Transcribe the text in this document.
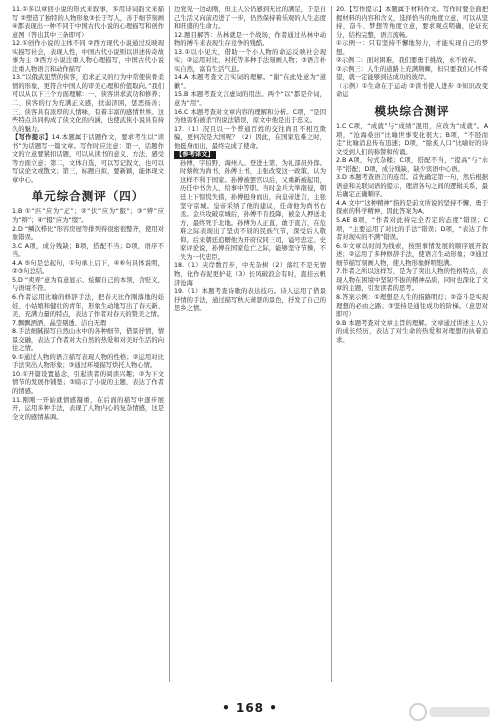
11.①多以章回小说的形式来叙事，多用诗词韵文来描写 ②塑造了独特的人物形象③长于写人，善于细节刻画 ④都表现出一种不同于中国古代小说的心理描写和创作意图（答出其中三条即可）

12.①创作小说的主体不同 ②西方现代小说通过反映现实描写社会，表现人性，中国古代小说则以讲述传奇故事为主 ③西方小说注重人物心理描写，中国古代小说注重人物语言和动作描写

13.“以俄武犯禁的侠客，追求正义的行为中常使侠骨柔情的形象，更符合中国人的审美心理和价值取向。”我们可以从以下三个方面理解：一、侠客讲求武功和修养；二、侠客的行为充满正义感，扶弱济困，惩恶扬善；三、侠客具有浓厚的人情味，有着丰富的感情世界。这些特点共同构成了侠文化的内涵，也使武侠小说具有持久的魅力。

【写作提示】14.本题属于话题作文，要求考生以“读书”为话题写一篇文章。写作时应注意：第一，话题作文的立意要紧扣话题，可以从读书的意义、方法、感受等方面立意；第二，文体自选，可以写记叙文，也可以写议论文或散文；第三，标题自拟，要新颖，能体现文章中心。

单元综合测评（四）

1.B ①“匹”应为“疋”；②“伏”应为“服”；③“辨”应为“辩”；④“辍”应为“缀”。

2.D “鳞次栉比”形容房屋等排列得很密很整齐，使用对象错误。

3.C A项，成分残缺；B项，搭配不当；D项，语序不当。

4.A ⑤句是总起句，①句承上启下，④⑥句具体说明，②③句总结。

5.D “卖弄”意为有意显示、炫耀自己的本领，含贬义，与语境不符。

6.作者运用比喻的修辞手法，把春天比作刚落地的娃娃、小姑娘和健壮的青年，形象生动地写出了春天新、美、充满力量的特点，表达了作者对春天的赞美之情。

7.飘飘洒洒、晶莹剔透、洁白无瑕

8.手法细腻描写自然山水中的各种细节，借景抒情，情景交融，表达了作者对大自然的热爱和对美好生活的向往之情。

9.①通过人物的语言描写表现人物的性格；②运用对比手法突出人物形象；③通过环境描写烘托人物心情。

10.①开篇设置悬念，引起读者的阅读兴趣；②为下文情节的发展作铺垫；③暗示了小说的主题，表达了作者的情感。

11.刚刚一开始就情感凝重，在后面的描写中逐步展开，运用多种手法，表现了人物内心的复杂情感，这是全文的感情基调。

边党见一边动刚，但主人公仍感到无比的满足，于是自己生活又向前迈进了一步，仍然保持着乐观的人生态度和旺盛的生命力。

12.题目解答：丛林就是一个战场，作者通过丛林中动物的搏斗来表现生存竞争的残酷。

13.①以小见大，借助一个小人物的命运反映社会现实；②运用对比、衬托等多种手法刻画人物；③语言朴实自然，富有生活气息。

14.A 本题考查文言实词的理解。“谢”在此处意为“道歉”。

15.B 本题考查文言虚词的用法。两个“以”都是介词，意为“用”。

16.C 本题考查对文章内容的理解和分析。C项，“是因为他害怕被杀”的说法错误，原文中他是出于忠义。

17.（1）况且以一个普通百姓的交往尚且不相互欺骗，更何况是大国呢？（2）因此，在国家危难之时，他挺身而出，最终完成了使命。

【参考译文】

孙傅，字伯野，海州人。登进士第，为礼部员外郎。时蔡攸为尚书，孙傅上书，主张改变这一政策，认为这样不利于国家。孙傅被罢官以后，又重新被起用，历任中书舍人、给事中等职。当时金兵大举南侵，朝廷上下惊慌失措，孙傅挺身而出，向皇帝进言，主张坚守京城。皇帝采纳了他的建议，任命他为尚书右丞。金兵攻破京城后，孙傅不肯投降，被金人押送北方，最终死于北地。孙傅为人正直，敢于直言，在危难之际表现出了坚贞不屈的民族气节，深受后人敬仰。后来朝廷追赠他为开府仪同三司，谥号忠定。史家评论说，孙傅在国家危亡之际，能够坚守节操，不失为一代忠臣。

18.（1）夹岸数百步，中无杂树（2）落红不是无情物，化作春泥更护花（3）长风破浪会有时，直挂云帆济沧海

19.（1）本题考查诗歌的表达技巧。诗人运用了借景抒情的手法，通过描写秋天萧瑟的景色，抒发了自己的思乡之情。

20.【写作提示】本题属于材料作文。写作时要全面把握材料的内容和含义，选择恰当的角度立意，可以从坚持、奋斗、梦想等角度立意，要求观点明确，论证充分，结构完整，语言流畅。

①示例一：只有坚持不懈地努力，才能实现自己的梦想。

②示例二：面对困难，我们要勇于挑战，永不放弃。

③示例三：人生的道路上充满荆棘，但只要我们心怀希望，就一定能够到达成功的彼岸。

（示例）①生命在于运动 ②读书使人进步 ③知识改变命运

模块综合测评

1.C C项，“成就”与“成绩”混用，应改为“成就”。A项，“沧海桑田”比喻世事变化很大；B项，“不胫而走”比喻消息传布迅速；D项，“脍炙人口”比喻好的诗文受到人们的称赞和传诵。

2.B A项，句式杂糅；C项，搭配不当，“提高”与“水平”搭配；D项，成分残缺，缺少宾语中心语。

3.D 本题考查语言的连贯。首先确定第一句，然后根据语意和关联词语的提示，理清各句之间的逻辑关系，最后确定正确顺序。

4.A 文中“这种精神”指的是前文所说的坚持不懈、勇于探索的科学精神，因此答案为A。

5.AE B项，“作者对此持完全否定的态度”错误；C项，“主要运用了对比的手法”错误；D项，“表达了作者对现实的不满”错误。

6.①文章以时间为线索，按照事情发展的顺序展开叙述；②运用了多种修辞手法，使语言生动形象；③通过细节描写刻画人物，使人物形象鲜明饱满。

7.作者之所以这样写，是为了突出人物的性格特点，表现人物在困境中坚韧不拔的精神品质，同时也深化了文章的主题，引发读者的思考。

8.答案示例：①理想是人生的指路明灯；②奋斗是实现理想的必由之路；③坚持是通往成功的阶梯。（意思对即可）

9.B 本题考查对文章主旨的理解。文章通过讲述主人公的成长经历，表达了对生命的热爱和对理想的执着追求。

• 168 •
